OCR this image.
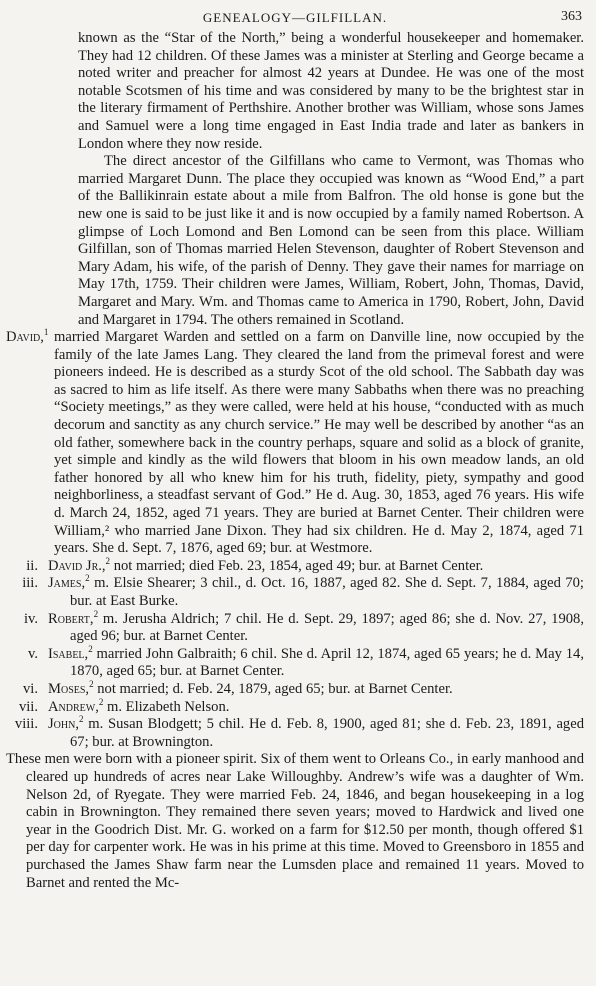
GENEALOGY—GILFILLAN.	363

known as the “Star of the North,” being a wonderful housekeeper and homemaker. They had 12 children. Of these James was a minister at Sterling and George became a noted writer and preacher for almost 42 years at Dundee. He was one of the most notable Scotsmen of his time and was considered by many to be the brightest star in the literary firmament of Perthshire. Another brother was William, whose sons James and Samuel were a long time engaged in East India trade and later as bankers in London where they now reside.

The direct ancestor of the Gilfillans who came to Vermont, was Thomas who married Margaret Dunn. The place they occupied was known as “Wood End,” a part of the Ballikinrain estate about a mile from Balfron. The old honse is gone but the new one is said to be just like it and is now occupied by a family named Robertson. A glimpse of Loch Lomond and Ben Lomond can be seen from this place. William Gilfillan, son of Thomas married Helen Stevenson, daughter of Robert Stevenson and Mary Adam, his wife, of the parish of Denny. They gave their names for marriage on May 17th, 1759. Their children were James, William, Robert, John, Thomas, David, Margaret and Mary. Wm. and Thomas came to America in 1790, Robert, John, David and Margaret in 1794. The others remained in Scotland.

David,$^1$ married Margaret Warden and settled on a farm on Danville line, now occupied by the family of the late James Lang. They cleared the land from the primeval forest and were pioneers indeed. He is described as a sturdy Scot of the old school. The Sabbath day was as sacred to him as life itself. As there were many Sabbaths when there was no preaching “Society meetings,” as they were called, were held at his house, “conducted with as much decorum and sanctity as any church service.” He may well be described by another “as an old father, somewhere back in the country perhaps, square and solid as a block of granite, yet simple and kindly as the wild flowers that bloom in his own meadow lands, an old father honored by all who knew him for his truth, fidelity, piety, sympathy and good neighborliness, a steadfast servant of God.” He d. Aug. 30, 1853, aged 76 years. His wife d. March 24, 1852, aged 71 years. They are buried at Barnet Center. Their children were William,² who married Jane Dixon. They had six children. He d. May 2, 1874, aged 71 years. She d. Sept. 7, 1876, aged 69; bur. at Westmore.

ii. David Jr.,$^2$ not married; died Feb. 23, 1854, aged 49; bur. at Barnet Center.

iii. James,$^2$ m. Elsie Shearer; 3 chil., d. Oct. 16, 1887, aged 82. She d. Sept. 7, 1884, aged 70; bur. at East Burke.

iv. Robert,$^2$ m. Jerusha Aldrich; 7 chil. He d. Sept. 29, 1897; aged 86; she d. Nov. 27, 1908, aged 96; bur. at Barnet Center.

v. Isabel,$^2$ married John Galbraith; 6 chil. She d. April 12, 1874, aged 65 years; he d. May 14, 1870, aged 65; bur. at Barnet Center.

vi. Moses,$^2$ not married; d. Feb. 24, 1879, aged 65; bur. at Barnet Center.

vii. Andrew,$^2$ m. Elizabeth Nelson.

viii. John,$^2$ m. Susan Blodgett; 5 chil. He d. Feb. 8, 1900, aged 81; she d. Feb. 23, 1891, aged 67; bur. at Brownington.

These men were born with a pioneer spirit. Six of them went to Orleans Co., in early manhood and cleared up hundreds of acres near Lake Willoughby. Andrew’s wife was a daughter of Wm. Nelson 2d, of Ryegate. They were married Feb. 24, 1846, and began housekeeping in a log cabin in Brownington. They remained there seven years; moved to Hardwick and lived one year in the Goodrich Dist. Mr. G. worked on a farm for $12.50 per month, though offered $1 per day for carpenter work. He was in his prime at this time. Moved to Greensboro in 1855 and purchased the James Shaw farm near the Lumsden place and remained 11 years. Moved to Barnet and rented the Mc-
